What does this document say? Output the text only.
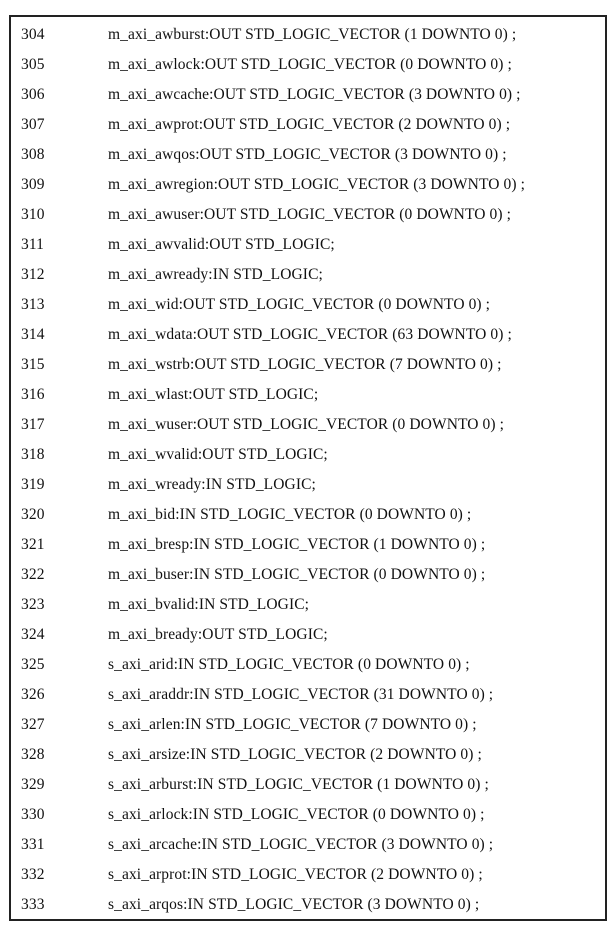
304	m_axi_awburst:OUT STD_LOGIC_VECTOR (1 DOWNTO 0) ;
305	m_axi_awlock:OUT STD_LOGIC_VECTOR (0 DOWNTO 0) ;
306	m_axi_awcache:OUT STD_LOGIC_VECTOR (3 DOWNTO 0) ;
307	m_axi_awprot:OUT STD_LOGIC_VECTOR (2 DOWNTO 0) ;
308	m_axi_awqos:OUT STD_LOGIC_VECTOR (3 DOWNTO 0) ;
309	m_axi_awregion:OUT STD_LOGIC_VECTOR (3 DOWNTO 0) ;
310	m_axi_awuser:OUT STD_LOGIC_VECTOR (0 DOWNTO 0) ;
311	m_axi_awvalid:OUT STD_LOGIC;
312	m_axi_awready:IN STD_LOGIC;
313	m_axi_wid:OUT STD_LOGIC_VECTOR (0 DOWNTO 0) ;
314	m_axi_wdata:OUT STD_LOGIC_VECTOR (63 DOWNTO 0) ;
315	m_axi_wstrb:OUT STD_LOGIC_VECTOR (7 DOWNTO 0) ;
316	m_axi_wlast:OUT STD_LOGIC;
317	m_axi_wuser:OUT STD_LOGIC_VECTOR (0 DOWNTO 0) ;
318	m_axi_wvalid:OUT STD_LOGIC;
319	m_axi_wready:IN STD_LOGIC;
320	m_axi_bid:IN STD_LOGIC_VECTOR (0 DOWNTO 0) ;
321	m_axi_bresp:IN STD_LOGIC_VECTOR (1 DOWNTO 0) ;
322	m_axi_buser:IN STD_LOGIC_VECTOR (0 DOWNTO 0) ;
323	m_axi_bvalid:IN STD_LOGIC;
324	m_axi_bready:OUT STD_LOGIC;
325	s_axi_arid:IN STD_LOGIC_VECTOR (0 DOWNTO 0) ;
326	s_axi_araddr:IN STD_LOGIC_VECTOR (31 DOWNTO 0) ;
327	s_axi_arlen:IN STD_LOGIC_VECTOR (7 DOWNTO 0) ;
328	s_axi_arsize:IN STD_LOGIC_VECTOR (2 DOWNTO 0) ;
329	s_axi_arburst:IN STD_LOGIC_VECTOR (1 DOWNTO 0) ;
330	s_axi_arlock:IN STD_LOGIC_VECTOR (0 DOWNTO 0) ;
331	s_axi_arcache:IN STD_LOGIC_VECTOR (3 DOWNTO 0) ;
332	s_axi_arprot:IN STD_LOGIC_VECTOR (2 DOWNTO 0) ;
333	s_axi_arqos:IN STD_LOGIC_VECTOR (3 DOWNTO 0) ;
